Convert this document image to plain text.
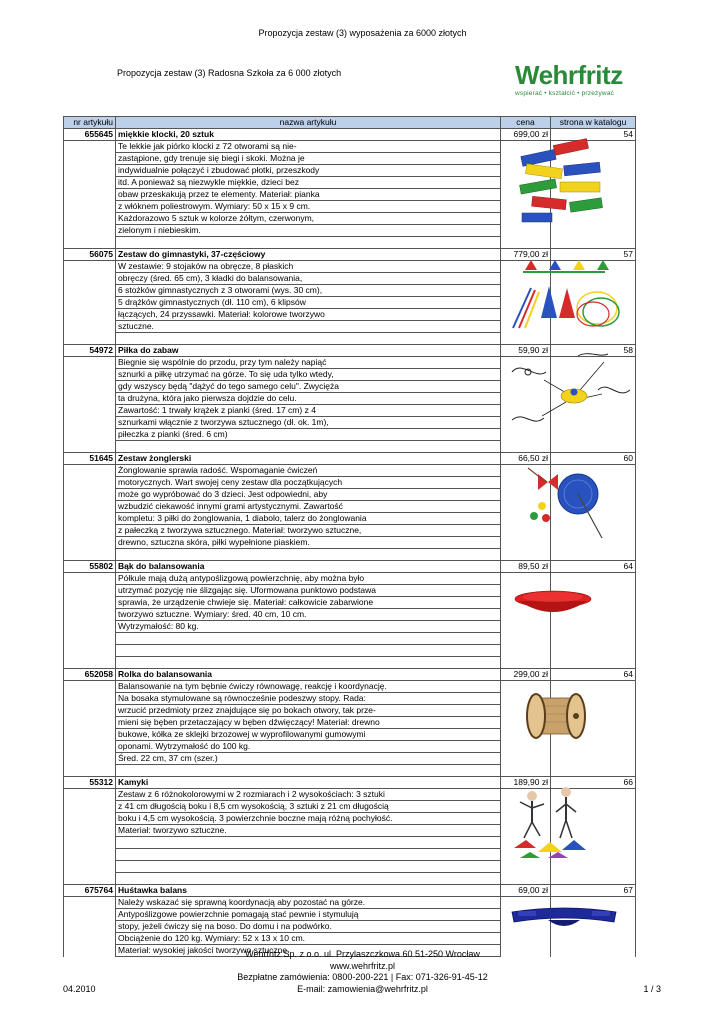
Propozycja zestaw (3) wyposażenia za 6000 złotych
Propozycja zestaw (3) Radosna Szkoła za 6 000 złotych	Wehrfritz
wspierać • kształcić • przeżywać
nr artykułu	nazwa artykułu	cena	strona w katalogu
655645	miękkie klocki, 20 sztuk	699,00 zł	54
	Te lekkie jak piórko klocki z 72 otworami są nie-		
	zastąpione, gdy trenuje się biegi i skoki. Można je		
	indywidualnie połączyć i zbudować płotki, przeszkody		
	itd. A ponieważ są niezwykle miękkie, dzieci bez		
	obaw przeskakują przez te elementy. Materiał: pianka		
	z włóknem poliestrowym. Wymiary: 50 x 15 x 9 cm.		
	Każdorazowo 5 sztuk w kolorze żółtym, czerwonym,		
	zielonym i niebieskim.		

56075	Zestaw do gimnastyki, 37-częściowy	779,00 zł	57
	W zestawie: 9 stojaków na obręcze, 8 płaskich		
	obręczy (śred. 65 cm), 3 kładki do balansowania,		
	6 stożków gimnastycznych z 3 otworami (wys. 30 cm),		
	5 drążków gimnastycznych (dł. 110 cm), 6 klipsów		
	łączących, 24 przyssawki. Materiał: kolorowe tworzywo		
	sztuczne.		

54972	Piłka do zabaw	59,90 zł	58
	Biegnie się wspólnie do przodu, przy tym należy napiąć		
	sznurki a piłkę utrzymać na górze. To się uda tylko wtedy,		
	gdy wszyscy będą "dążyć do tego samego celu". Zwycięża		
	ta drużyna, która jako pierwsza dojdzie do celu.		
	Zawartość: 1 trwały krążek z pianki (śred. 17 cm) z 4		
	sznurkami włącznie z tworzywa sztucznego (dł. ok. 1m),		
	piłeczka z pianki (śred. 6 cm)		

51645	Zestaw żonglerski	66,50 zł	60
	Żonglowanie sprawia radość. Wspomaganie ćwiczeń		
	motorycznych. Wart swojej ceny zestaw dla początkujących		
	może go wypróbować do 3 dzieci. Jest odpowiedni, aby		
	wzbudzić ciekawość innymi grami artystycznymi. Zawartość		
	kompletu: 3 piłki do żonglowania, 1 diabolo, talerz do żonglowania		
	z pałeczką z tworzywa sztucznego. Materiał: tworzywo sztuczne,		
	drewno, sztuczna skóra, piłki wypełnione piaskiem.		

55802	Bąk do balansowania	89,50 zł	64
	Półkule mają dużą antypoślizgową powierzchnię, aby można było		
	utrzymać pozycję nie ślizgając się. Uformowana punktowo podstawa		
	sprawia, że urządzenie chwieje się. Materiał: całkowicie zabarwione		
	tworzywo sztuczne. Wymiary: śred. 40 cm, 10 cm.		
	Wytrzymałość: 80 kg.		

652058	Rolka do balansowania	299,00 zł	64
	Balansowanie na tym bębnie ćwiczy równowagę, reakcję i koordynację.		
	Na bosaka stymulowane są równocześnie podeszwy stopy. Rada:		
	wrzucić przedmioty przez znajdujące się po bokach otwory, tak prze-		
	mieni się bęben przetaczający w bęben dźwięczący! Materiał: drewno		
	bukowe, kółka ze sklejki brzozowej w wyprofilowanymi gumowymi		
	oponami. Wytrzymałość do 100 kg.		
	Śred. 22 cm, 37 cm (szer.)		

55312	Kamyki	189,90 zł	66
	Zestaw z 6 różnokolorowymi w 2 rozmiarach i 2 wysokościach: 3 sztuki		
	z 41 cm długością boku i 8,5 cm wysokością, 3 sztuki z 21 cm długością		
	boku i 4,5 cm wysokością. 3 powierzchnie boczne mają różną pochyłość.		
	Materiał: tworzywo sztuczne.		

675764	Huśtawka balans	69,00 zł	67
	Należy wskazać się sprawną koordynacją aby pozostać na górze.		
	Antypoślizgowe powierzchnie pomagają stać pewnie i stymulują		
	stopy, jeżeli ćwiczy się na boso. Do domu i na podwórko.		
	Obciążenie do 120 kg. Wymiary: 52 x 13 x 10 cm.		
	Materiał: wysokiej jakości tworzywo sztuczne.		
Wehrfritz Sp. z o.o. ul. Przylaszczkowa 60 51-250 Wrocław
www.wehrfritz.pl
Bezpłatne zamówienia: 0800-200-221 | Fax: 071-326-91-45-12
E-mail: zamowienia@wehrfritz.pl
04.2010	1 / 3
